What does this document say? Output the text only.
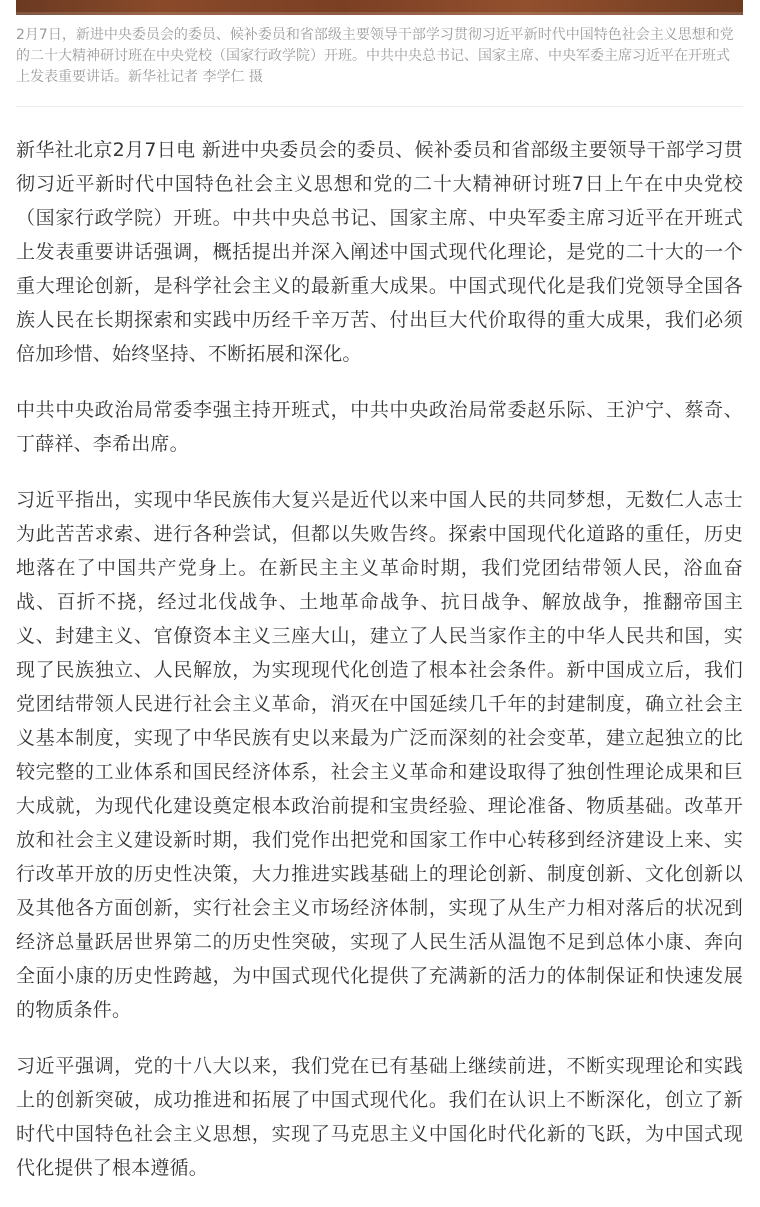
2月7日，新进中央委员会的委员、候补委员和省部级主要领导干部学习贯彻习近平新时代中国特色社会主义思想和党的二十大精神研讨班在中央党校（国家行政学院）开班。中共中央总书记、国家主席、中央军委主席习近平在开班式上发表重要讲话。新华社记者 李学仁 摄

新华社北京2月7日电 新进中央委员会的委员、候补委员和省部级主要领导干部学习贯彻习近平新时代中国特色社会主义思想和党的二十大精神研讨班7日上午在中央党校（国家行政学院）开班。中共中央总书记、国家主席、中央军委主席习近平在开班式上发表重要讲话强调，概括提出并深入阐述中国式现代化理论，是党的二十大的一个重大理论创新，是科学社会主义的最新重大成果。中国式现代化是我们党领导全国各族人民在长期探索和实践中历经千辛万苦、付出巨大代价取得的重大成果，我们必须倍加珍惜、始终坚持、不断拓展和深化。

中共中央政治局常委李强主持开班式，中共中央政治局常委赵乐际、王沪宁、蔡奇、丁薛祥、李希出席。

习近平指出，实现中华民族伟大复兴是近代以来中国人民的共同梦想，无数仁人志士为此苦苦求索、进行各种尝试，但都以失败告终。探索中国现代化道路的重任，历史地落在了中国共产党身上。在新民主主义革命时期，我们党团结带领人民，浴血奋战、百折不挠，经过北伐战争、土地革命战争、抗日战争、解放战争，推翻帝国主义、封建主义、官僚资本主义三座大山，建立了人民当家作主的中华人民共和国，实现了民族独立、人民解放，为实现现代化创造了根本社会条件。新中国成立后，我们党团结带领人民进行社会主义革命，消灭在中国延续几千年的封建制度，确立社会主义基本制度，实现了中华民族有史以来最为广泛而深刻的社会变革，建立起独立的比较完整的工业体系和国民经济体系，社会主义革命和建设取得了独创性理论成果和巨大成就，为现代化建设奠定根本政治前提和宝贵经验、理论准备、物质基础。改革开放和社会主义建设新时期，我们党作出把党和国家工作中心转移到经济建设上来、实行改革开放的历史性决策，大力推进实践基础上的理论创新、制度创新、文化创新以及其他各方面创新，实行社会主义市场经济体制，实现了从生产力相对落后的状况到经济总量跃居世界第二的历史性突破，实现了人民生活从温饱不足到总体小康、奔向全面小康的历史性跨越，为中国式现代化提供了充满新的活力的体制保证和快速发展的物质条件。

习近平强调，党的十八大以来，我们党在已有基础上继续前进，不断实现理论和实践上的创新突破，成功推进和拓展了中国式现代化。我们在认识上不断深化，创立了新时代中国特色社会主义思想，实现了马克思主义中国化时代化新的飞跃，为中国式现代化提供了根本遵循。
